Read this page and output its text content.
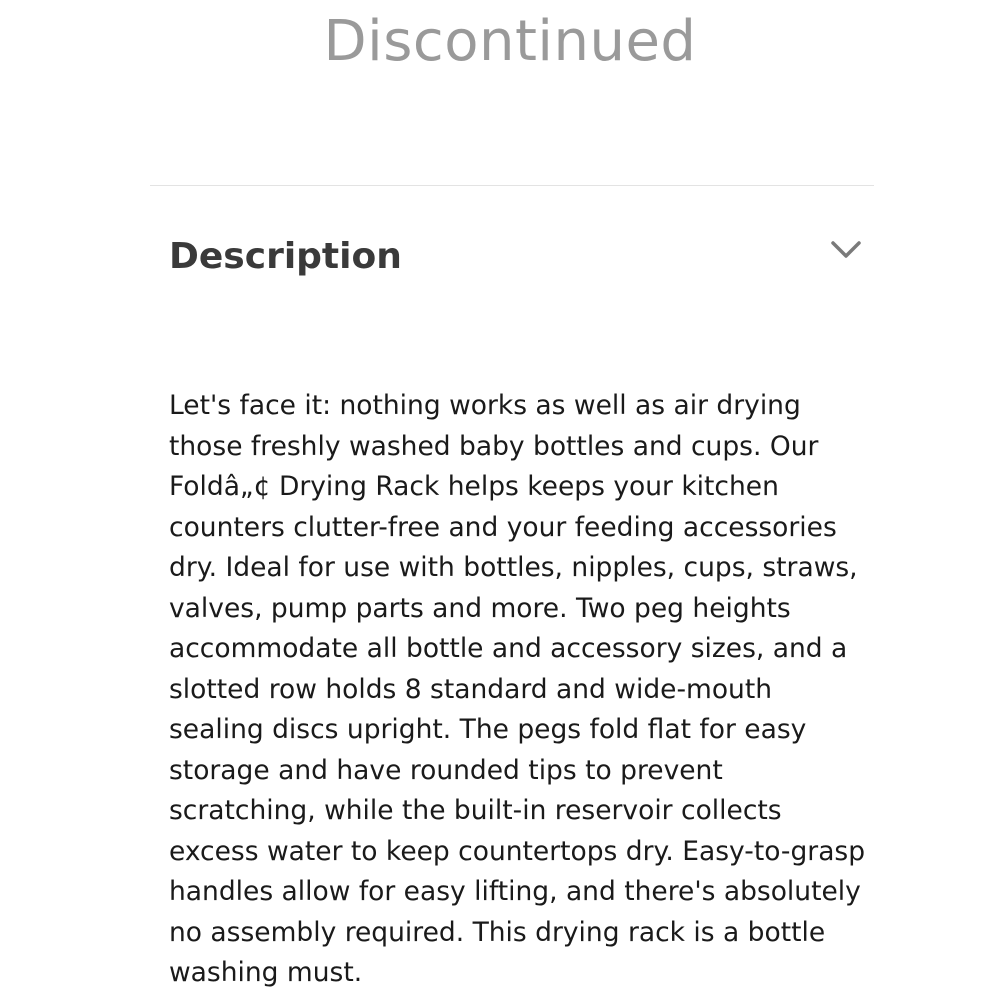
Discontinued
Description
Let's face it: nothing works as well as air drying
those freshly washed baby bottles and cups. Our
Foldâ„¢ Drying Rack helps keeps your kitchen
counters clutter-free and your feeding accessories
dry. Ideal for use with bottles, nipples, cups, straws,
valves, pump parts and more. Two peg heights
accommodate all bottle and accessory sizes, and a
slotted row holds 8 standard and wide-mouth
sealing discs upright. The pegs fold flat for easy
storage and have rounded tips to prevent
scratching, while the built-in reservoir collects
excess water to keep countertops dry. Easy-to-grasp
handles allow for easy lifting, and there's absolutely
no assembly required. This drying rack is a bottle
washing must.
